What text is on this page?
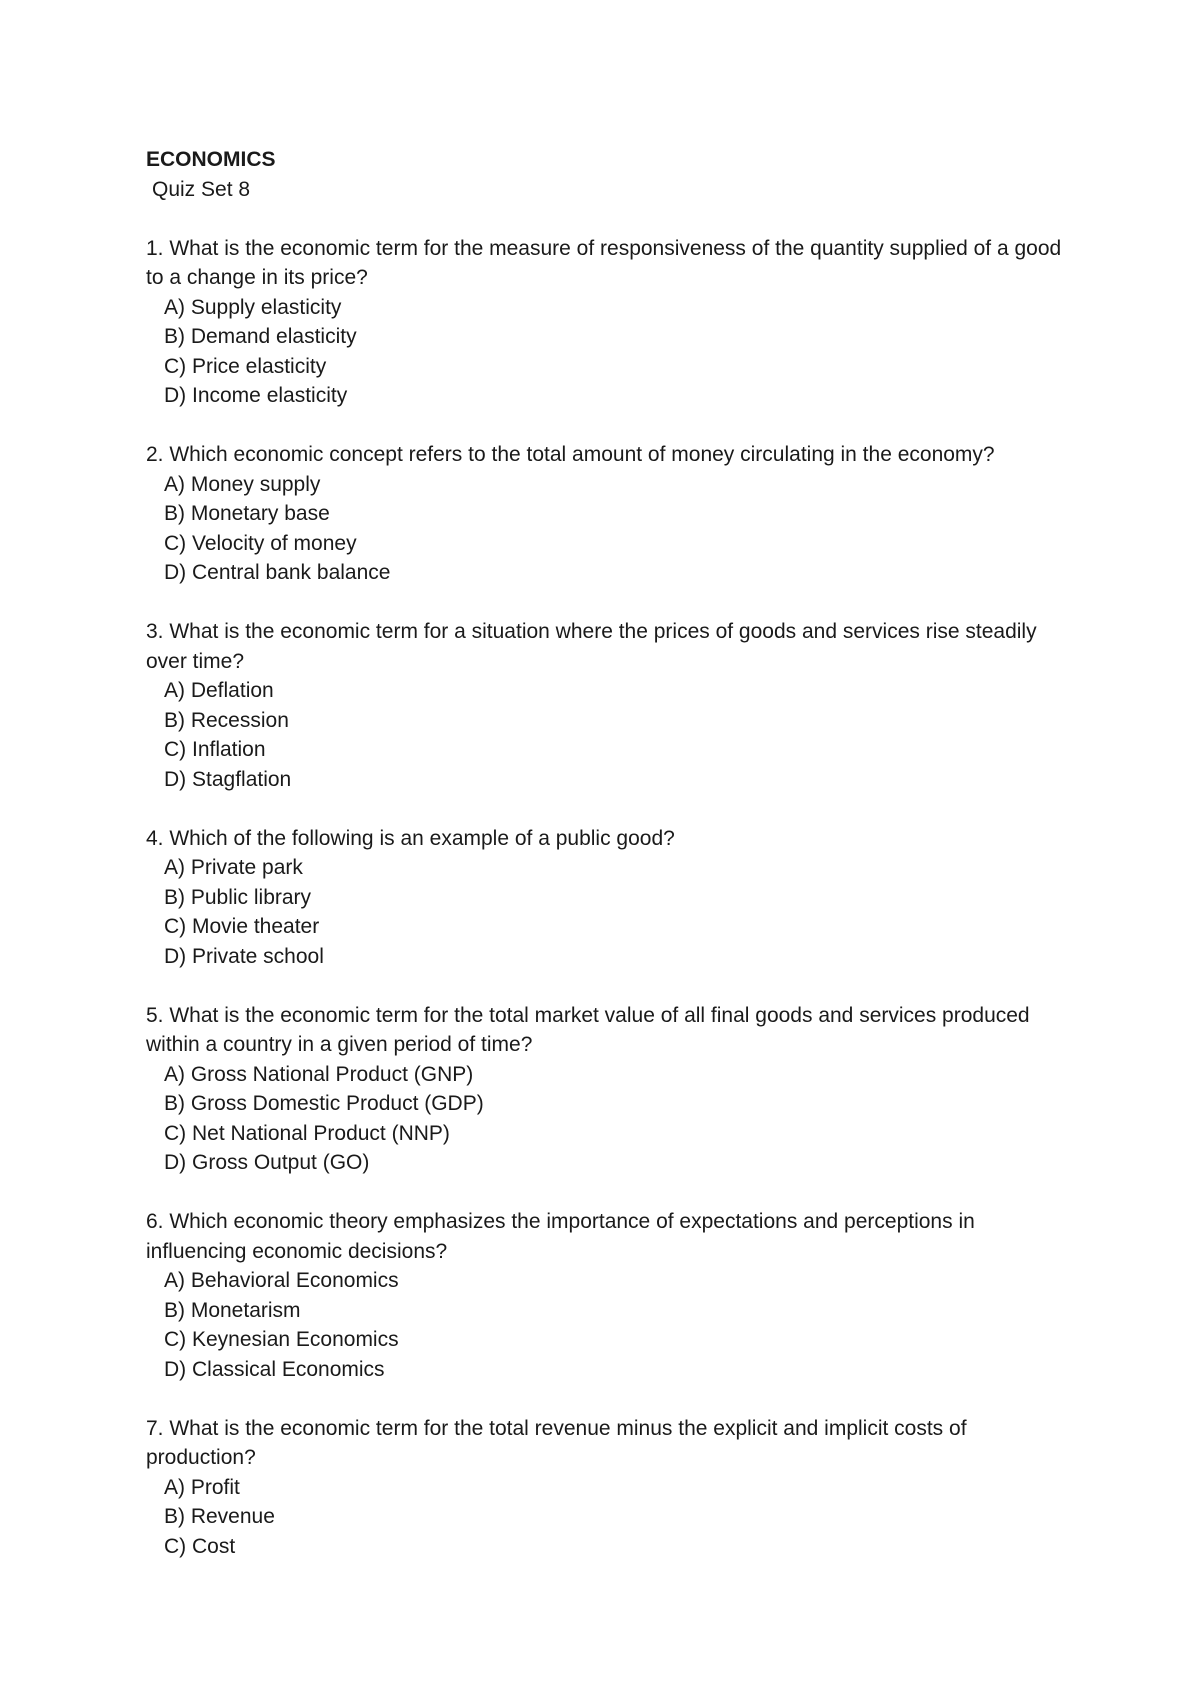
ECONOMICS

Quiz Set 8

1. What is the economic term for the measure of responsiveness of the quantity supplied of a good to a change in its price?

A) Supply elasticity
B) Demand elasticity
C) Price elasticity
D) Income elasticity

2. Which economic concept refers to the total amount of money circulating in the economy?

A) Money supply
B) Monetary base
C) Velocity of money
D) Central bank balance

3. What is the economic term for a situation where the prices of goods and services rise steadily over time?

A) Deflation
B) Recession
C) Inflation
D) Stagflation

4. Which of the following is an example of a public good?

A) Private park
B) Public library
C) Movie theater
D) Private school

5. What is the economic term for the total market value of all final goods and services produced within a country in a given period of time?

A) Gross National Product (GNP)
B) Gross Domestic Product (GDP)
C) Net National Product (NNP)
D) Gross Output (GO)

6. Which economic theory emphasizes the importance of expectations and perceptions in influencing economic decisions?

A) Behavioral Economics
B) Monetarism
C) Keynesian Economics
D) Classical Economics

7. What is the economic term for the total revenue minus the explicit and implicit costs of production?

A) Profit
B) Revenue
C) Cost
